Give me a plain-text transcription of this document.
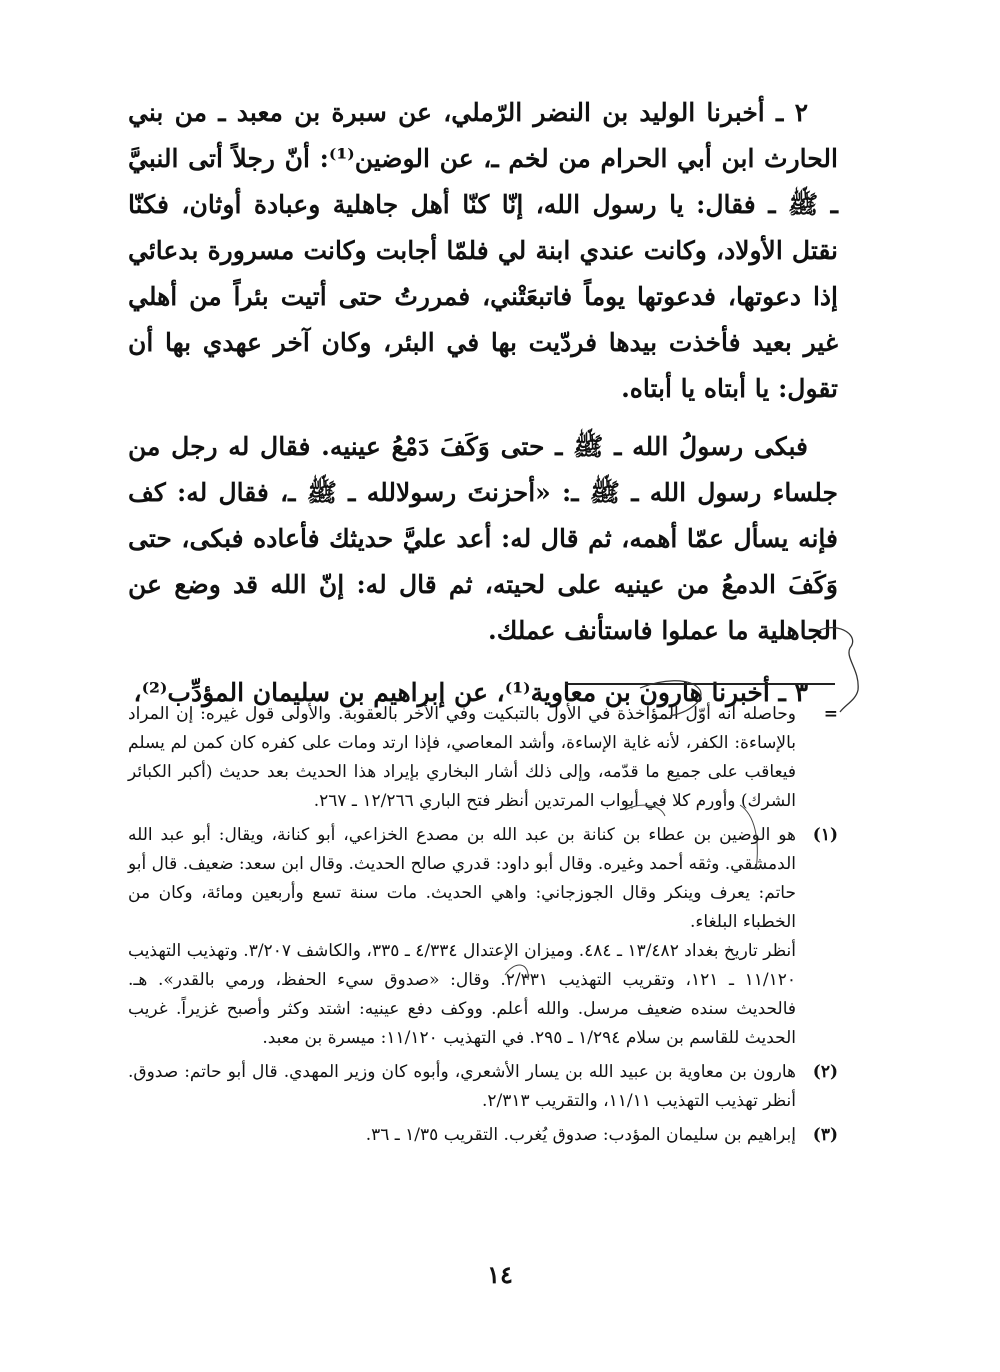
٢ ـ أخبرنا الوليد بن النضر الرّملي، عن سبرة بن معبد ـ من بني الحارث ابن أبي الحرام من لخم ـ، عن الوضين⁽¹⁾: أنّ رجلاً أتى النبيَّ ـ ﷺ ـ فقال: يا رسول الله، إنّا كنّا أهل جاهلية وعبادة أوثان، فكنّا نقتل الأولاد، وكانت عندي ابنة لي فلمّا أجابت وكانت مسرورة بدعائي إذا دعوتها، فدعوتها يوماً فاتبعَتْني، فمررتُ حتى أتيت بئراً من أهلي غير بعيد فأخذت بيدها فردّيت بها في البئر، وكان آخر عهدي بها أن تقول: يا أبتاه يا أبتاه.

فبكى رسولُ الله ـ ﷺ ـ حتى وَكَفَ دَمْعُ عينيه. فقال له رجل من جلساء رسول الله ـ ﷺ ـ: «أحزنتَ رسولالله ـ ﷺ ـ، فقال له: كف فإنه يسأل عمّا أهمه، ثم قال له: أعد عليَّ حديثك فأعاده فبكى، حتى وَكَفَ الدمعُ من عينيه على لحيته، ثم قال له: إنّ الله قد وضع عن الجاهلية ما عملوا فاستأنف عملك.

٣ ـ أخبرنا هارون بن معاوية⁽¹⁾، عن إبراهيم بن سليمان المؤدِّب⁽²⁾،

=
وحاصله أنه أوّل المؤاخذة في الأول بالتبكيت وفي الأخر بالعقوبة. والأولى قول غيره: إن المراد بالإساءة: الكفر، لأنه غاية الإساءة، وأشد المعاصي، فإذا ارتد ومات على كفره كان كمن لم يسلم فيعاقب على جميع ما قدّمه، وإلى ذلك أشار البخاري بإيراد هذا الحديث بعد حديث (أكبر الكبائر الشرك) وأورم كلا في أبواب المرتدين أنظر فتح الباري ١٢/٢٦٦ ـ ٢٦٧.
(١)
هو الوضين بن عطاء بن كنانة بن عبد الله بن مصدع الخزاعي، أبو كنانة، ويقال: أبو عبد الله الدمشقي. وثقه أحمد وغيره. وقال أبو داود: قدري صالح الحديث. وقال ابن سعد: ضعيف. قال أبو حاتم: يعرف وينكر وقال الجوزجاني: واهي الحديث. مات سنة تسع وأربعين ومائة، وكان من الخطباء البلغاء.
أنظر تاريخ بغداد ١٣/٤٨٢ ـ ٤٨٤. وميزان الإعتدال ٤/٣٣٤ ـ ٣٣٥، والكاشف ٣/٢٠٧. وتهذيب التهذيب ١١/١٢٠ ـ ١٢١، وتقريب التهذيب ٢/٣٣١. وقال: «صدوق سيء الحفظ، ورمي بالقدر». هـ. فالحديث سنده ضعيف مرسل. والله أعلم. ووكف دفع عينيه: اشتد وكثر وأصبح غزيراً. غريب الحديث للقاسم بن سلام ١/٢٩٤ ـ ٢٩٥. في التهذيب ١١/١٢٠: ميسرة بن معبد.
(٢)
هارون بن معاوية بن عبيد الله بن يسار الأشعري، وأبوه كان وزير المهدي. قال أبو حاتم: صدوق. أنظر تهذيب التهذيب ١١/١١، والتقريب ٢/٣١٣.
(٣)
إبراهيم بن سليمان المؤدب: صدوق يُغرب. التقريب ١/٣٥ ـ ٣٦.
١٤
